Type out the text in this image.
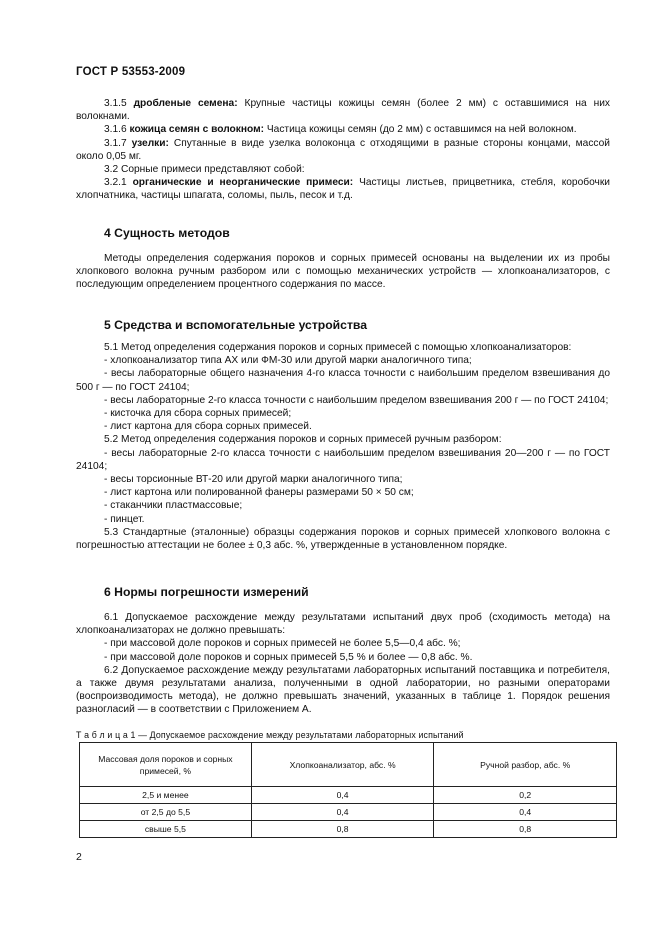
ГОСТ Р 53553-2009

3.1.5 дробленые семена: Крупные частицы кожицы семян (более 2 мм) с оставшимися на них волокнами.

3.1.6 кожица семян с волокном: Частица кожицы семян (до 2 мм) с оставшимся на ней волокном.

3.1.7 узелки: Спутанные в виде узелка волоконца с отходящими в разные стороны концами, массой около 0,05 мг.

3.2 Сорные примеси представляют собой:

3.2.1 органические и неорганические примеси: Частицы листьев, прицветника, стебля, коробочки хлопчатника, частицы шпагата, соломы, пыль, песок и т.д.

4 Сущность методов

Методы определения содержания пороков и сорных примесей основаны на выделении их из пробы хлопкового волокна ручным разбором или с помощью механических устройств — хлопкоанализаторов, с последующим определением процентного содержания по массе.

5 Средства и вспомогательные устройства

5.1 Метод определения содержания пороков и сорных примесей с помощью хлопкоанализаторов:

- хлопкоанализатор типа АХ или ФМ-30 или другой марки аналогичного типа;

- весы лабораторные общего назначения 4-го класса точности с наибольшим пределом взвешивания до 500 г — по ГОСТ 24104;

- весы лабораторные 2-го класса точности с наибольшим пределом взвешивания 200 г — по ГОСТ 24104;

- кисточка для сбора сорных примесей;

- лист картона для сбора сорных примесей.

5.2 Метод определения содержания пороков и сорных примесей ручным разбором:

- весы лабораторные 2-го класса точности с наибольшим пределом взвешивания 20—200 г — по ГОСТ 24104;

- весы торсионные ВТ-20 или другой марки аналогичного типа;

- лист картона или полированной фанеры размерами 50 × 50 см;

- стаканчики пластмассовые;

- пинцет.

5.3 Стандартные (эталонные) образцы содержания пороков и сорных примесей хлопкового волокна с погрешностью аттестации не более ± 0,3 абс. %, утвержденные в установленном порядке.

6 Нормы погрешности измерений

6.1 Допускаемое расхождение между результатами испытаний двух проб (сходимость метода) на хлопкоанализаторах не должно превышать:

- при массовой доле пороков и сорных примесей не более 5,5—0,4 абс. %;

- при массовой доле пороков и сорных примесей 5,5 % и более — 0,8 абс. %.

6.2 Допускаемое расхождение между результатами лабораторных испытаний поставщика и потребителя, а также двумя результатами анализа, полученными в одной лаборатории, но разными операторами (воспроизводимость метода), не должно превышать значений, указанных в таблице 1. Порядок решения разногласий — в соответствии с Приложением А.

Т а б л и ц а 1 — Допускаемое расхождение между результатами лабораторных испытаний
Массовая доля пороков и сорных примесей, %	Хлопкоанализатор, абс. %	Ручной разбор, абс. %
2,5 и менее	0,4	0,2
от 2,5 до 5,5	0,4	0,4
свыше 5,5	0,8	0,8
2
